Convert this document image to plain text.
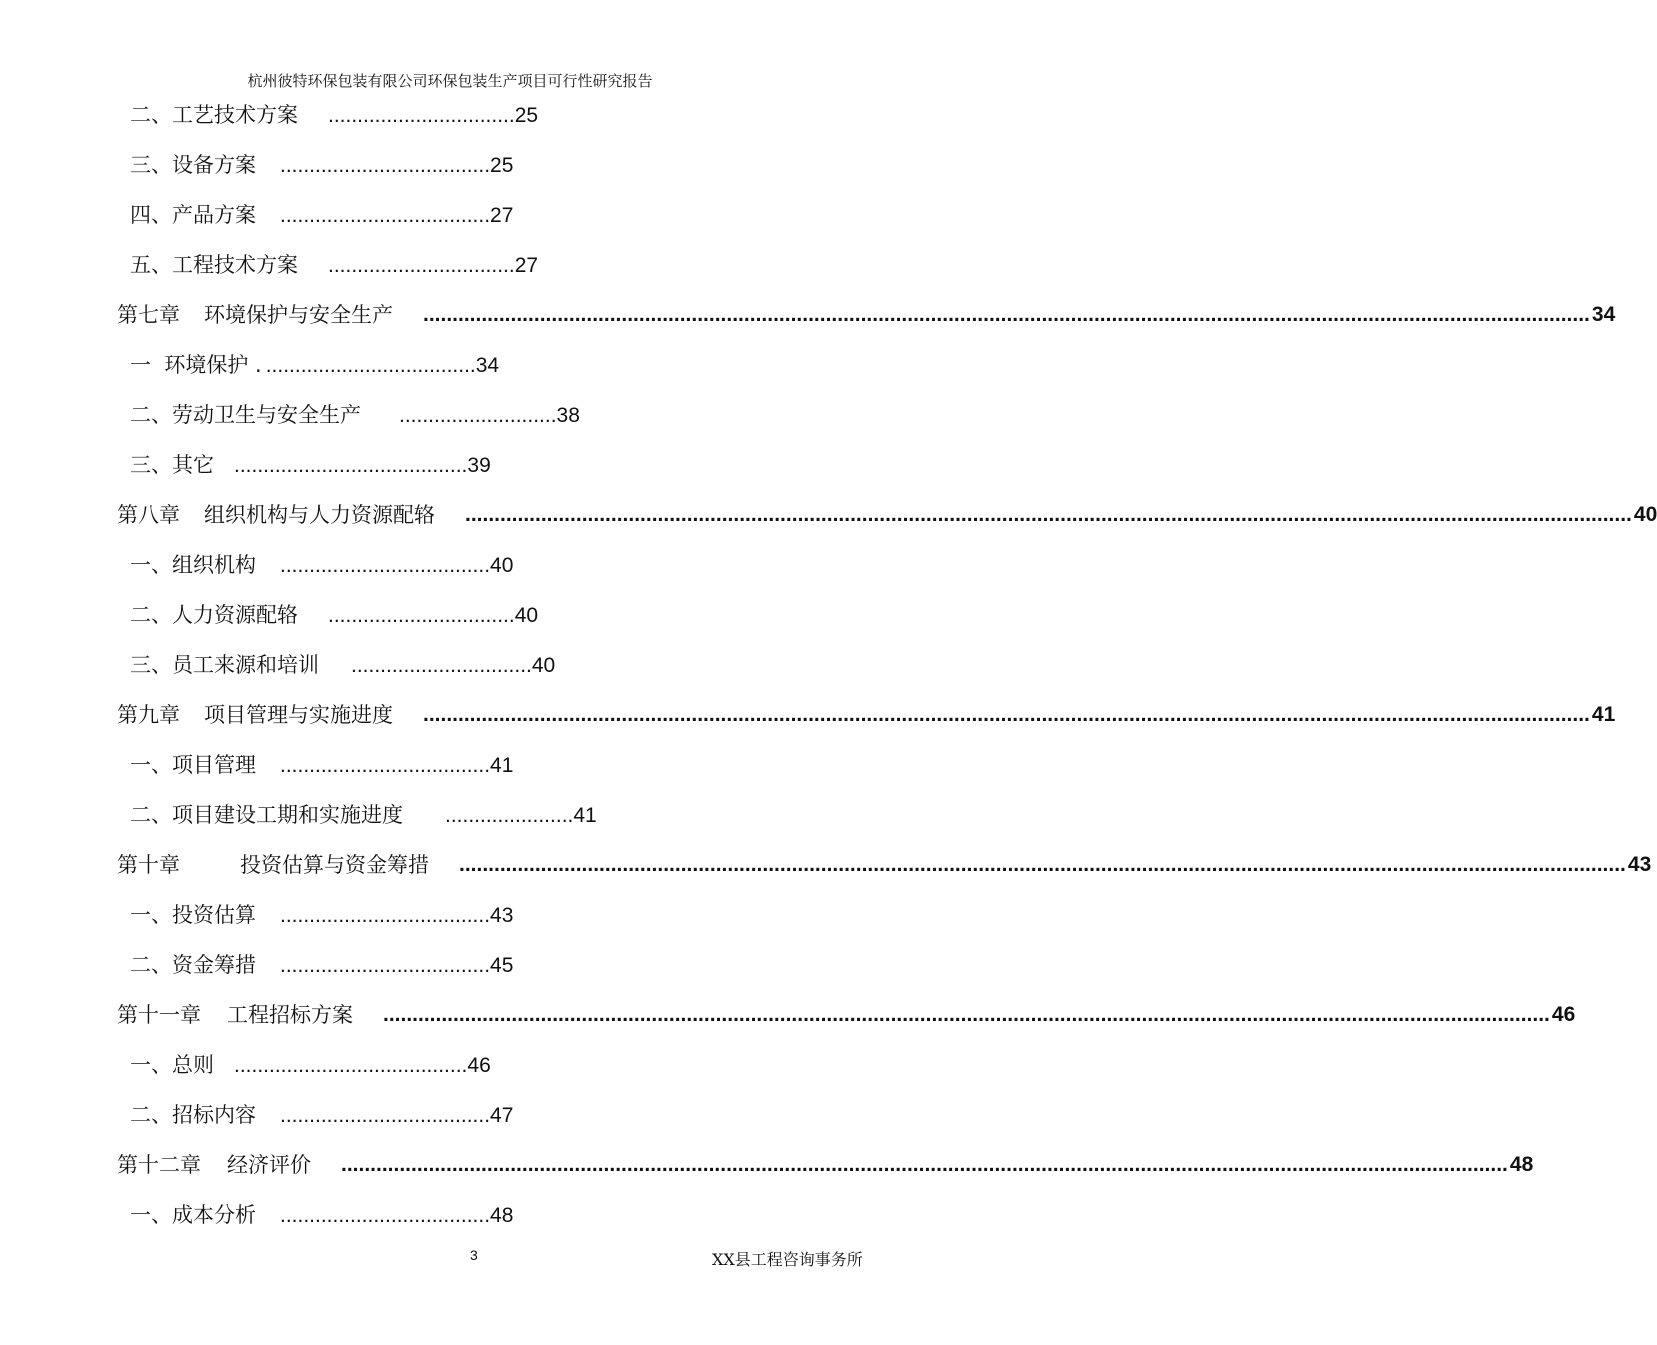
杭州彼特环保包装有限公司环保包装生产项目可行性研究报告
二、工艺技术方案 ................................25
三、设备方案 ....................................25
四、产品方案 ....................................27
五、工程技术方案 ................................27
第七章 环境保护与安全生产 ........................................................................................................................................................................................................ 34
一  环境保护 . ....................................34
二、劳动卫生与安全生产 ...........................38
三、其它 ........................................39
第八章 组织机构与人力资源配辂 ........................................................................................................................................................................................................ 40
一、组织机构 ....................................40
二、人力资源配辂 ................................40
三、员工来源和培训 ...............................40
第九章 项目管理与实施进度 ........................................................................................................................................................................................................ 41
一、项目管理 ....................................41
二、项目建设工期和实施进度 ......................41
第十章	投资估算与资金筹措 ........................................................................................................................................................................................................ 43
一、投资估算 ....................................43
二、资金筹措 ....................................45
第十一章 工程招标方案 ........................................................................................................................................................................................................ 46
一、总则 ........................................46
二、招标内容 ....................................47
第十二章 经济评价 ........................................................................................................................................................................................................ 48
一、成本分析 ....................................48
3	XX县工程咨询事务所
